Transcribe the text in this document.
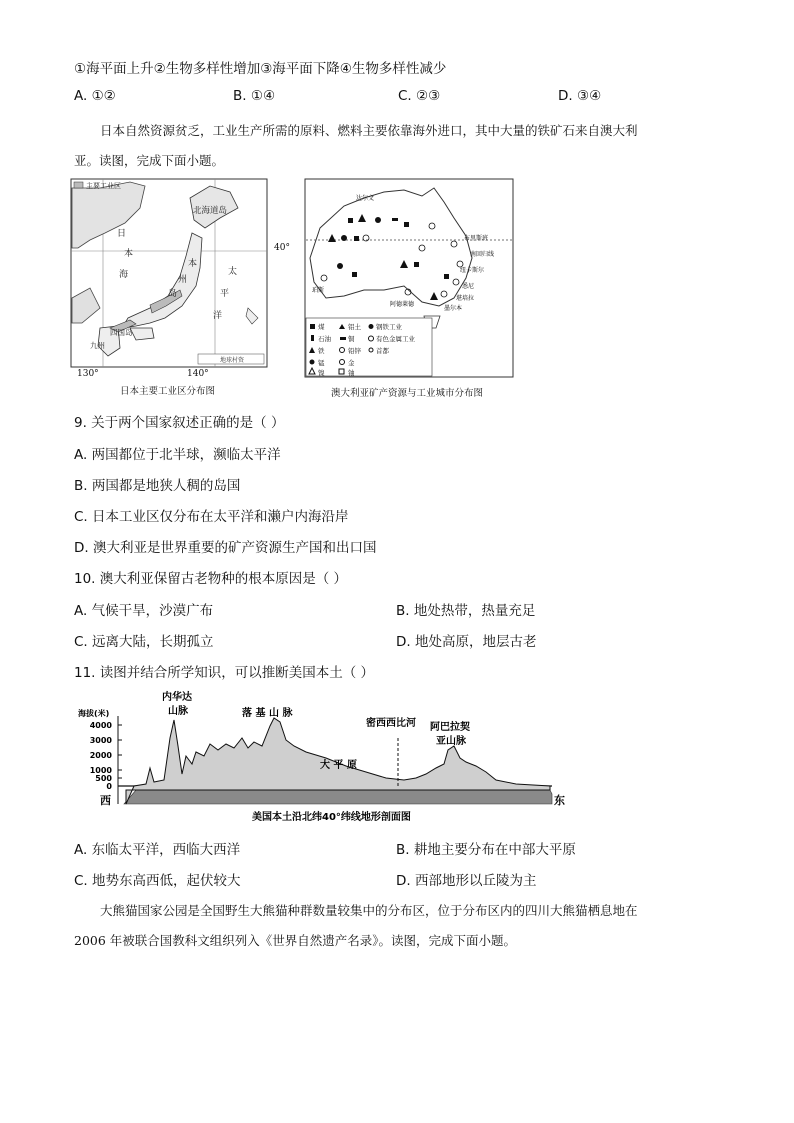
①海平面上升②生物多样性增加③海平面下降④生物多样性减少
A. ①②	B. ①④	C. ②③	D. ③④
日本自然资源贫乏，工业生产所需的原料、燃料主要依靠海外进口，其中大量的铁矿石来自澳大利
亚。读图，完成下面小题。
主要工业区
北海道岛
日
本
海
本
州
岛
太
平
洋
四国岛
九州
地球村资
40°
130°	140°
日本主要工业区分布图
达尔文
布里斯班
纽卡斯尔
悉尼
堪培拉
墨尔本
阿德莱德
珀斯
南回归线
煤	铝土 钢铁工业
石油	铜	有色金属工业
铁	铅锌 首都
锰	金
镍	铀
澳大利亚矿产资源与工业城市分布图
9. 关于两个国家叙述正确的是（ ）
A. 两国都位于北半球，濒临太平洋
B. 两国都是地狭人稠的岛国
C. 日本工业区仅分布在太平洋和濑户内海沿岸
D. 澳大利亚是世界重要的矿产资源生产国和出口国
10. 澳大利亚保留古老物种的根本原因是（ ）
A. 气候干旱，沙漠广布	B. 地处热带，热量充足
C. 远离大陆，长期孤立	D. 地处高原，地层古老
11. 读图并结合所学知识，可以推断美国本土（ ）
海拔(米)
4000
3000
2000
1000
500
0
内华达
山脉	落 基 山 脉
密西西比河
大 平 原
阿巴拉契
亚山脉
西	东
美国本土沿北纬40°纬线地形剖面图
A. 东临太平洋，西临大西洋	B. 耕地主要分布在中部大平原
C. 地势东高西低，起伏较大	D. 西部地形以丘陵为主
大熊猫国家公园是全国野生大熊猫种群数量较集中的分布区，位于分布区内的四川大熊猫栖息地在
2006 年被联合国教科文组织列入《世界自然遗产名录》。读图，完成下面小题。
